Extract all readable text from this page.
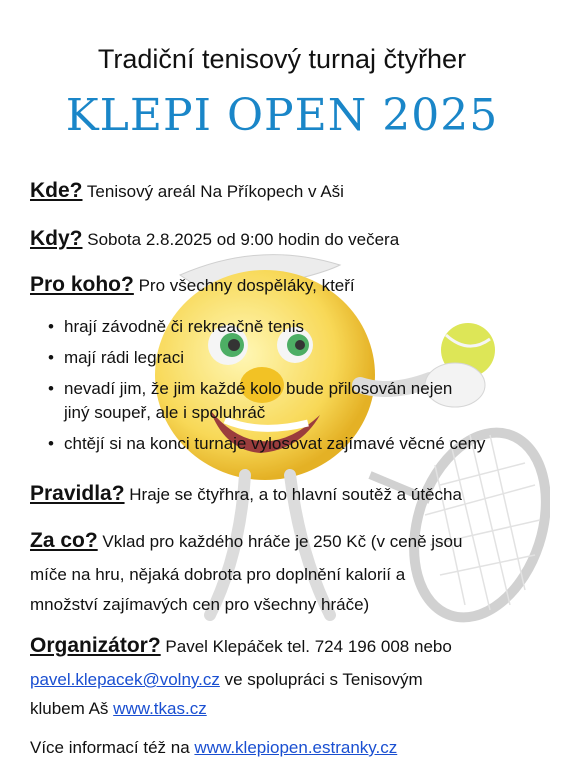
Tradiční tenisový turnaj čtyřher
KLEPI OPEN 2025
Kde? Tenisový areál Na Příkopech v Aši
Kdy? Sobota 2.8.2025 od 9:00 hodin do večera
Pro koho? Pro všechny dospěláky, kteří
• hrají závodně či rekreačně tenis
• mají rádi legraci
• nevadí jim, že jim každé kolo bude přilosován nejen
jiný soupeř, ale i spoluhráč
• chtějí si na konci turnaje vylosovat zajímavé věcné ceny
Pravidla? Hraje se čtyřhra, a to hlavní soutěž a útěcha
Za co? Vklad pro každého hráče je 250 Kč (v ceně jsou
míče na hru, nějaká dobrota pro doplnění kalorií a
množství zajímavých cen pro všechny hráče)
Organizátor? Pavel Klepáček tel. 724 196 008 nebo
pavel.klepacek@volny.cz ve spolupráci s Tenisovým
klubem Aš www.tkas.cz
Více informací též na www.klepiopen.estranky.cz
